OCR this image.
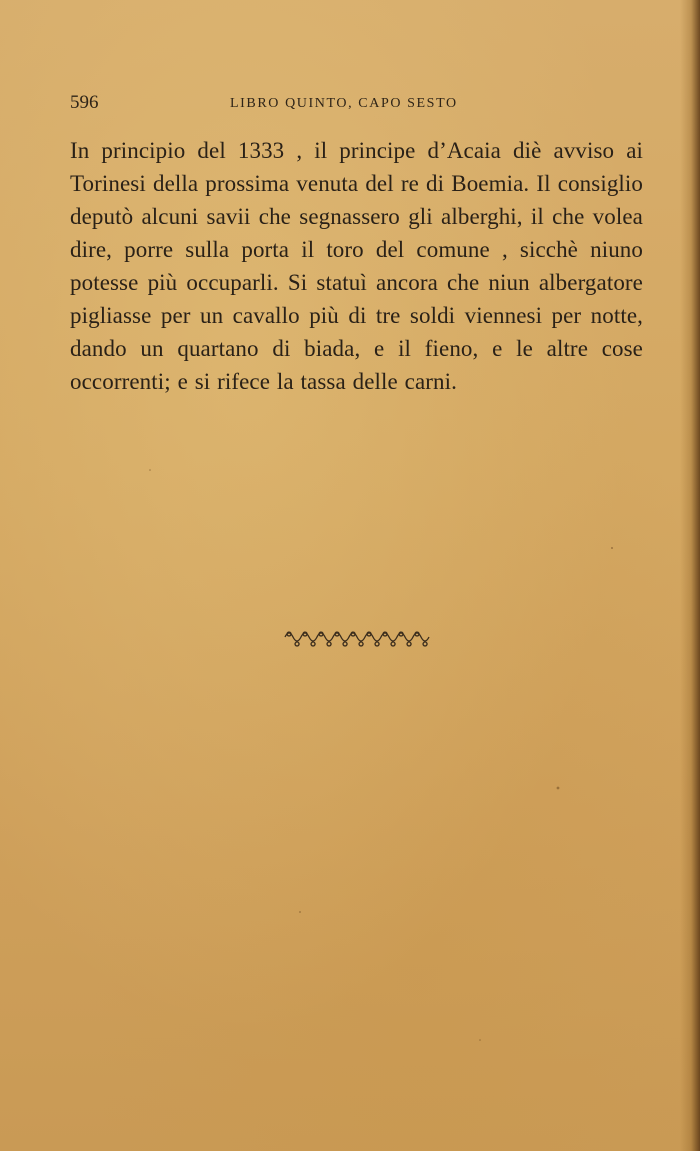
596	LIBRO QUINTO, CAPO SESTO

In principio del 1333 , il principe d’Acaia diè avviso ai Torinesi della prossima venuta del re di Boemia. Il consiglio deputò alcuni savii che segnassero gli alberghi, il che volea dire, porre sulla porta il toro del comune , sicchè niuno potesse più occuparli. Si statuì ancora che niun albergatore pigliasse per un cavallo più di tre soldi viennesi per notte, dando un quartano di biada, e il fieno, e le altre cose occorrenti; e si rifece la tassa delle carni.
